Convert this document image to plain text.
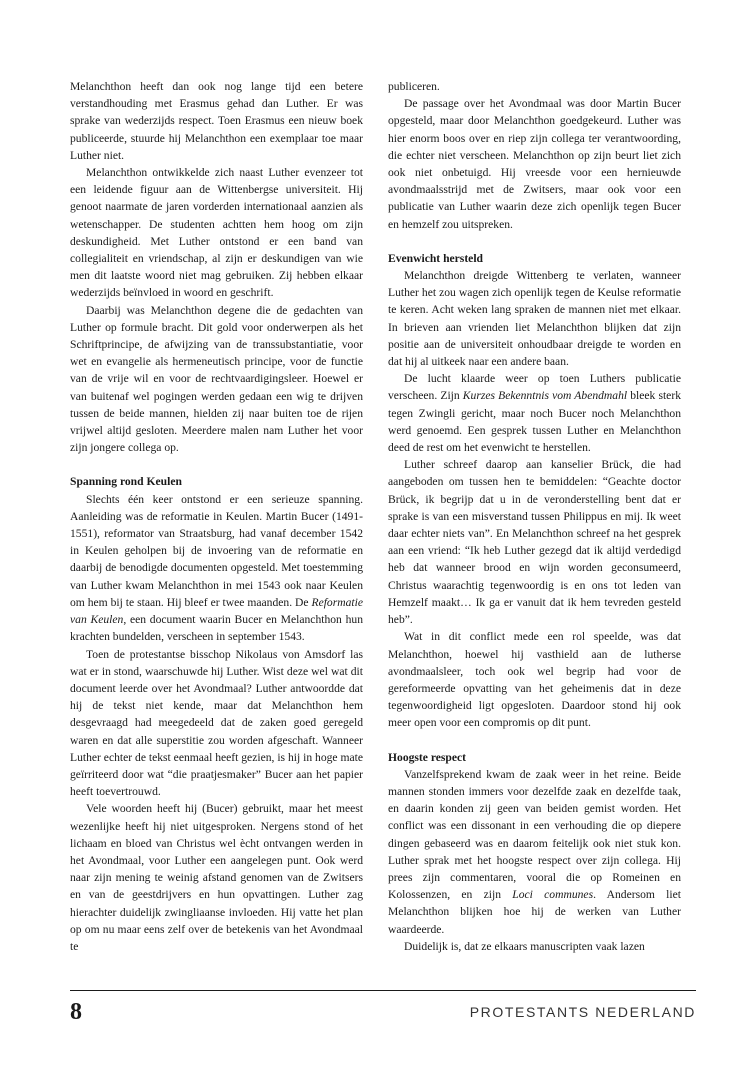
Melanchthon heeft dan ook nog lange tijd een betere verstandhouding met Erasmus gehad dan Luther. Er was sprake van wederzijds respect. Toen Erasmus een nieuw boek publiceerde, stuurde hij Melanchthon een exemplaar toe maar Luther niet.

Melanchthon ontwikkelde zich naast Luther evenzeer tot een leidende figuur aan de Wittenbergse universiteit. Hij genoot naarmate de jaren vorderden internationaal aanzien als wetenschapper. De studenten achtten hem hoog om zijn deskundigheid. Met Luther ontstond er een band van collegialiteit en vriendschap, al zijn er deskundigen van wie men dit laatste woord niet mag gebruiken. Zij hebben elkaar wederzijds beïnvloed in woord en geschrift.

Daarbij was Melanchthon degene die de gedachten van Luther op formule bracht. Dit gold voor onderwerpen als het Schriftprincipe, de afwijzing van de transsubstantiatie, voor wet en evangelie als hermeneutisch principe, voor de functie van de vrije wil en voor de rechtvaardigingsleer. Hoewel er van buitenaf wel pogingen werden gedaan een wig te drijven tussen de beide mannen, hielden zij naar buiten toe de rijen vrijwel altijd gesloten. Meerdere malen nam Luther het voor zijn jongere collega op.

Spanning rond Keulen

Slechts één keer ontstond er een serieuze spanning. Aanleiding was de reformatie in Keulen. Martin Bucer (1491-1551), reformator van Straatsburg, had vanaf december 1542 in Keulen geholpen bij de invoering van de reformatie en daarbij de benodigde documenten opgesteld. Met toestemming van Luther kwam Melanchthon in mei 1543 ook naar Keulen om hem bij te staan. Hij bleef er twee maanden. De Reformatie van Keulen, een document waarin Bucer en Melanchthon hun krachten bundelden, verscheen in september 1543.

Toen de protestantse bisschop Nikolaus von Amsdorf las wat er in stond, waarschuwde hij Luther. Wist deze wel wat dit document leerde over het Avondmaal? Luther antwoordde dat hij de tekst niet kende, maar dat Melanchthon hem desgevraagd had meegedeeld dat de zaken goed geregeld waren en dat alle superstitie zou worden afgeschaft. Wanneer Luther echter de tekst eenmaal heeft gezien, is hij in hoge mate geïrriteerd door wat “die praatjesmaker” Bucer aan het papier heeft toevertrouwd.

Vele woorden heeft hij (Bucer) gebruikt, maar het meest wezenlijke heeft hij niet uitgesproken. Nergens stond of het lichaam en bloed van Christus wel ècht ontvangen werden in het Avondmaal, voor Luther een aangelegen punt. Ook werd naar zijn mening te weinig afstand genomen van de Zwitsers en van de geestdrijvers en hun opvattingen. Luther zag hierachter duidelijk zwingliaanse invloeden. Hij vatte het plan op om nu maar eens zelf over de betekenis van het Avondmaal te

publiceren.

De passage over het Avondmaal was door Martin Bucer opgesteld, maar door Melanchthon goedgekeurd. Luther was hier enorm boos over en riep zijn collega ter verantwoording, die echter niet verscheen. Melanchthon op zijn beurt liet zich ook niet onbetuigd. Hij vreesde voor een hernieuwde avondmaalsstrijd met de Zwitsers, maar ook voor een publicatie van Luther waarin deze zich openlijk tegen Bucer en hemzelf zou uitspreken.

Evenwicht hersteld

Melanchthon dreigde Wittenberg te verlaten, wanneer Luther het zou wagen zich openlijk tegen de Keulse reformatie te keren. Acht weken lang spraken de mannen niet met elkaar. In brieven aan vrienden liet Melanchthon blijken dat zijn positie aan de universiteit onhoudbaar dreigde te worden en dat hij al uitkeek naar een andere baan.

De lucht klaarde weer op toen Luthers publicatie verscheen. Zijn Kurzes Bekenntnis vom Abendmahl bleek sterk tegen Zwingli gericht, maar noch Bucer noch Melanchthon werd genoemd. Een gesprek tussen Luther en Melanchthon deed de rest om het evenwicht te herstellen.

Luther schreef daarop aan kanselier Brück, die had aangeboden om tussen hen te bemiddelen: “Geachte doctor Brück, ik begrijp dat u in de veronderstelling bent dat er sprake is van een misverstand tussen Philippus en mij. Ik weet daar echter niets van”. En Melanchthon schreef na het gesprek aan een vriend: “Ik heb Luther gezegd dat ik altijd verdedigd heb dat wanneer brood en wijn worden geconsumeerd, Christus waarachtig tegenwoordig is en ons tot leden van Hemzelf maakt… Ik ga er vanuit dat ik hem tevreden gesteld heb”.

Wat in dit conflict mede een rol speelde, was dat Melanchthon, hoewel hij vasthield aan de lutherse avondmaalsleer, toch ook wel begrip had voor de gereformeerde opvatting van het geheimenis dat in deze tegenwoordigheid ligt opgesloten. Daardoor stond hij ook meer open voor een compromis op dit punt.

Hoogste respect

Vanzelfsprekend kwam de zaak weer in het reine. Beide mannen stonden immers voor dezelfde zaak en dezelfde taak, en daarin konden zij geen van beiden gemist worden. Het conflict was een dissonant in een verhouding die op diepere dingen gebaseerd was en daarom feitelijk ook niet stuk kon. Luther sprak met het hoogste respect over zijn collega. Hij prees zijn commentaren, vooral die op Romeinen en Kolossenzen, en zijn Loci communes. Andersom liet Melanchthon blijken hoe hij de werken van Luther waardeerde.

Duidelijk is, dat ze elkaars manuscripten vaak lazen

8	PROTESTANTS NEDERLAND
